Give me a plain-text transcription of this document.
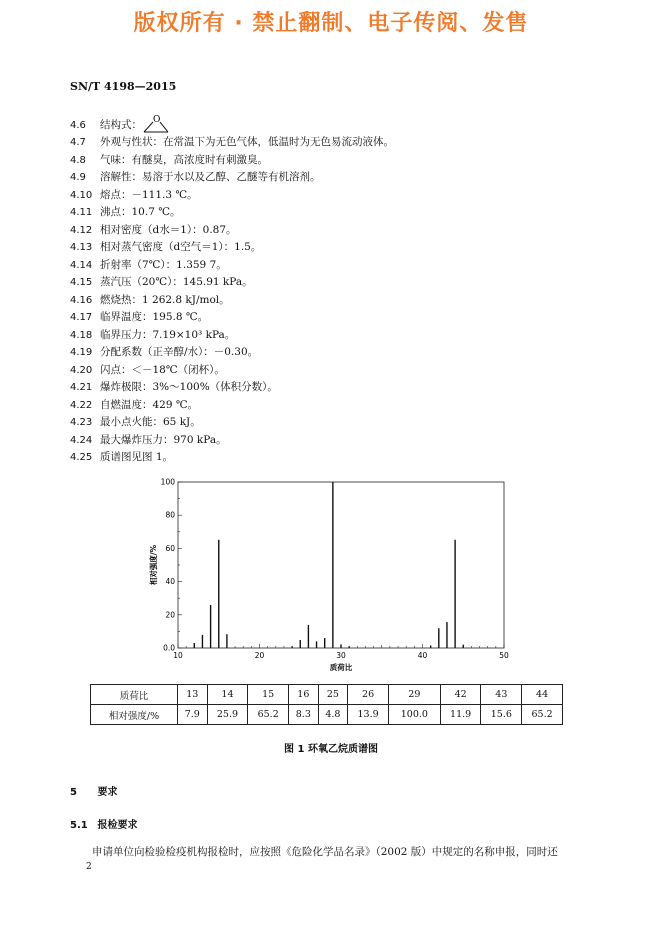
版权所有 · 禁止翻制、电子传阅、发售
SN/T 4198—2015
4.6	结构式： O
4.7	外观与性状：在常温下为无色气体，低温时为无色易流动液体。
4.8	气味：有醚臭，高浓度时有刺激臭。
4.9	溶解性：易溶于水以及乙醇、乙醚等有机溶剂。
4.10 熔点：－111.3 ℃。
4.11 沸点：10.7 ℃。
4.12 相对密度（d水＝1）：0.87。
4.13 相对蒸气密度（d空气＝1）：1.5。
4.14 折射率（7℃）：1.359 7。
4.15 蒸汽压（20℃）：145.91 kPa。
4.16 燃烧热：1 262.8 kJ/mol。
4.17 临界温度：195.8 ℃。
4.18 临界压力：7.19×10³ kPa。
4.19 分配系数（正辛醇/水）：－0.30。
4.20 闪点：＜－18℃（闭杯）。
4.21 爆炸极限：3%～100%（体积分数）。
4.22 自燃温度：429 ℃。
4.23 最小点火能：65 kJ。
4.24 最大爆炸压力：970 kPa。
4.25 质谱图见图 1。
10	20	30	40	50
0.0
20
40
60
80
100
质荷比
相对强度/%
质荷比	13	14	15	16	25	26	29	42	43	44
相对强度/%	7.9	25.9	65.2	8.3	4.8	13.9	100.0	11.9	15.6	65.2
图 1 环氧乙烷质谱图
5 要求
5.1 报检要求
申请单位向检验检疫机构报检时，应按照《危险化学品名录》（2002 版）中规定的名称申报，同时还
2
